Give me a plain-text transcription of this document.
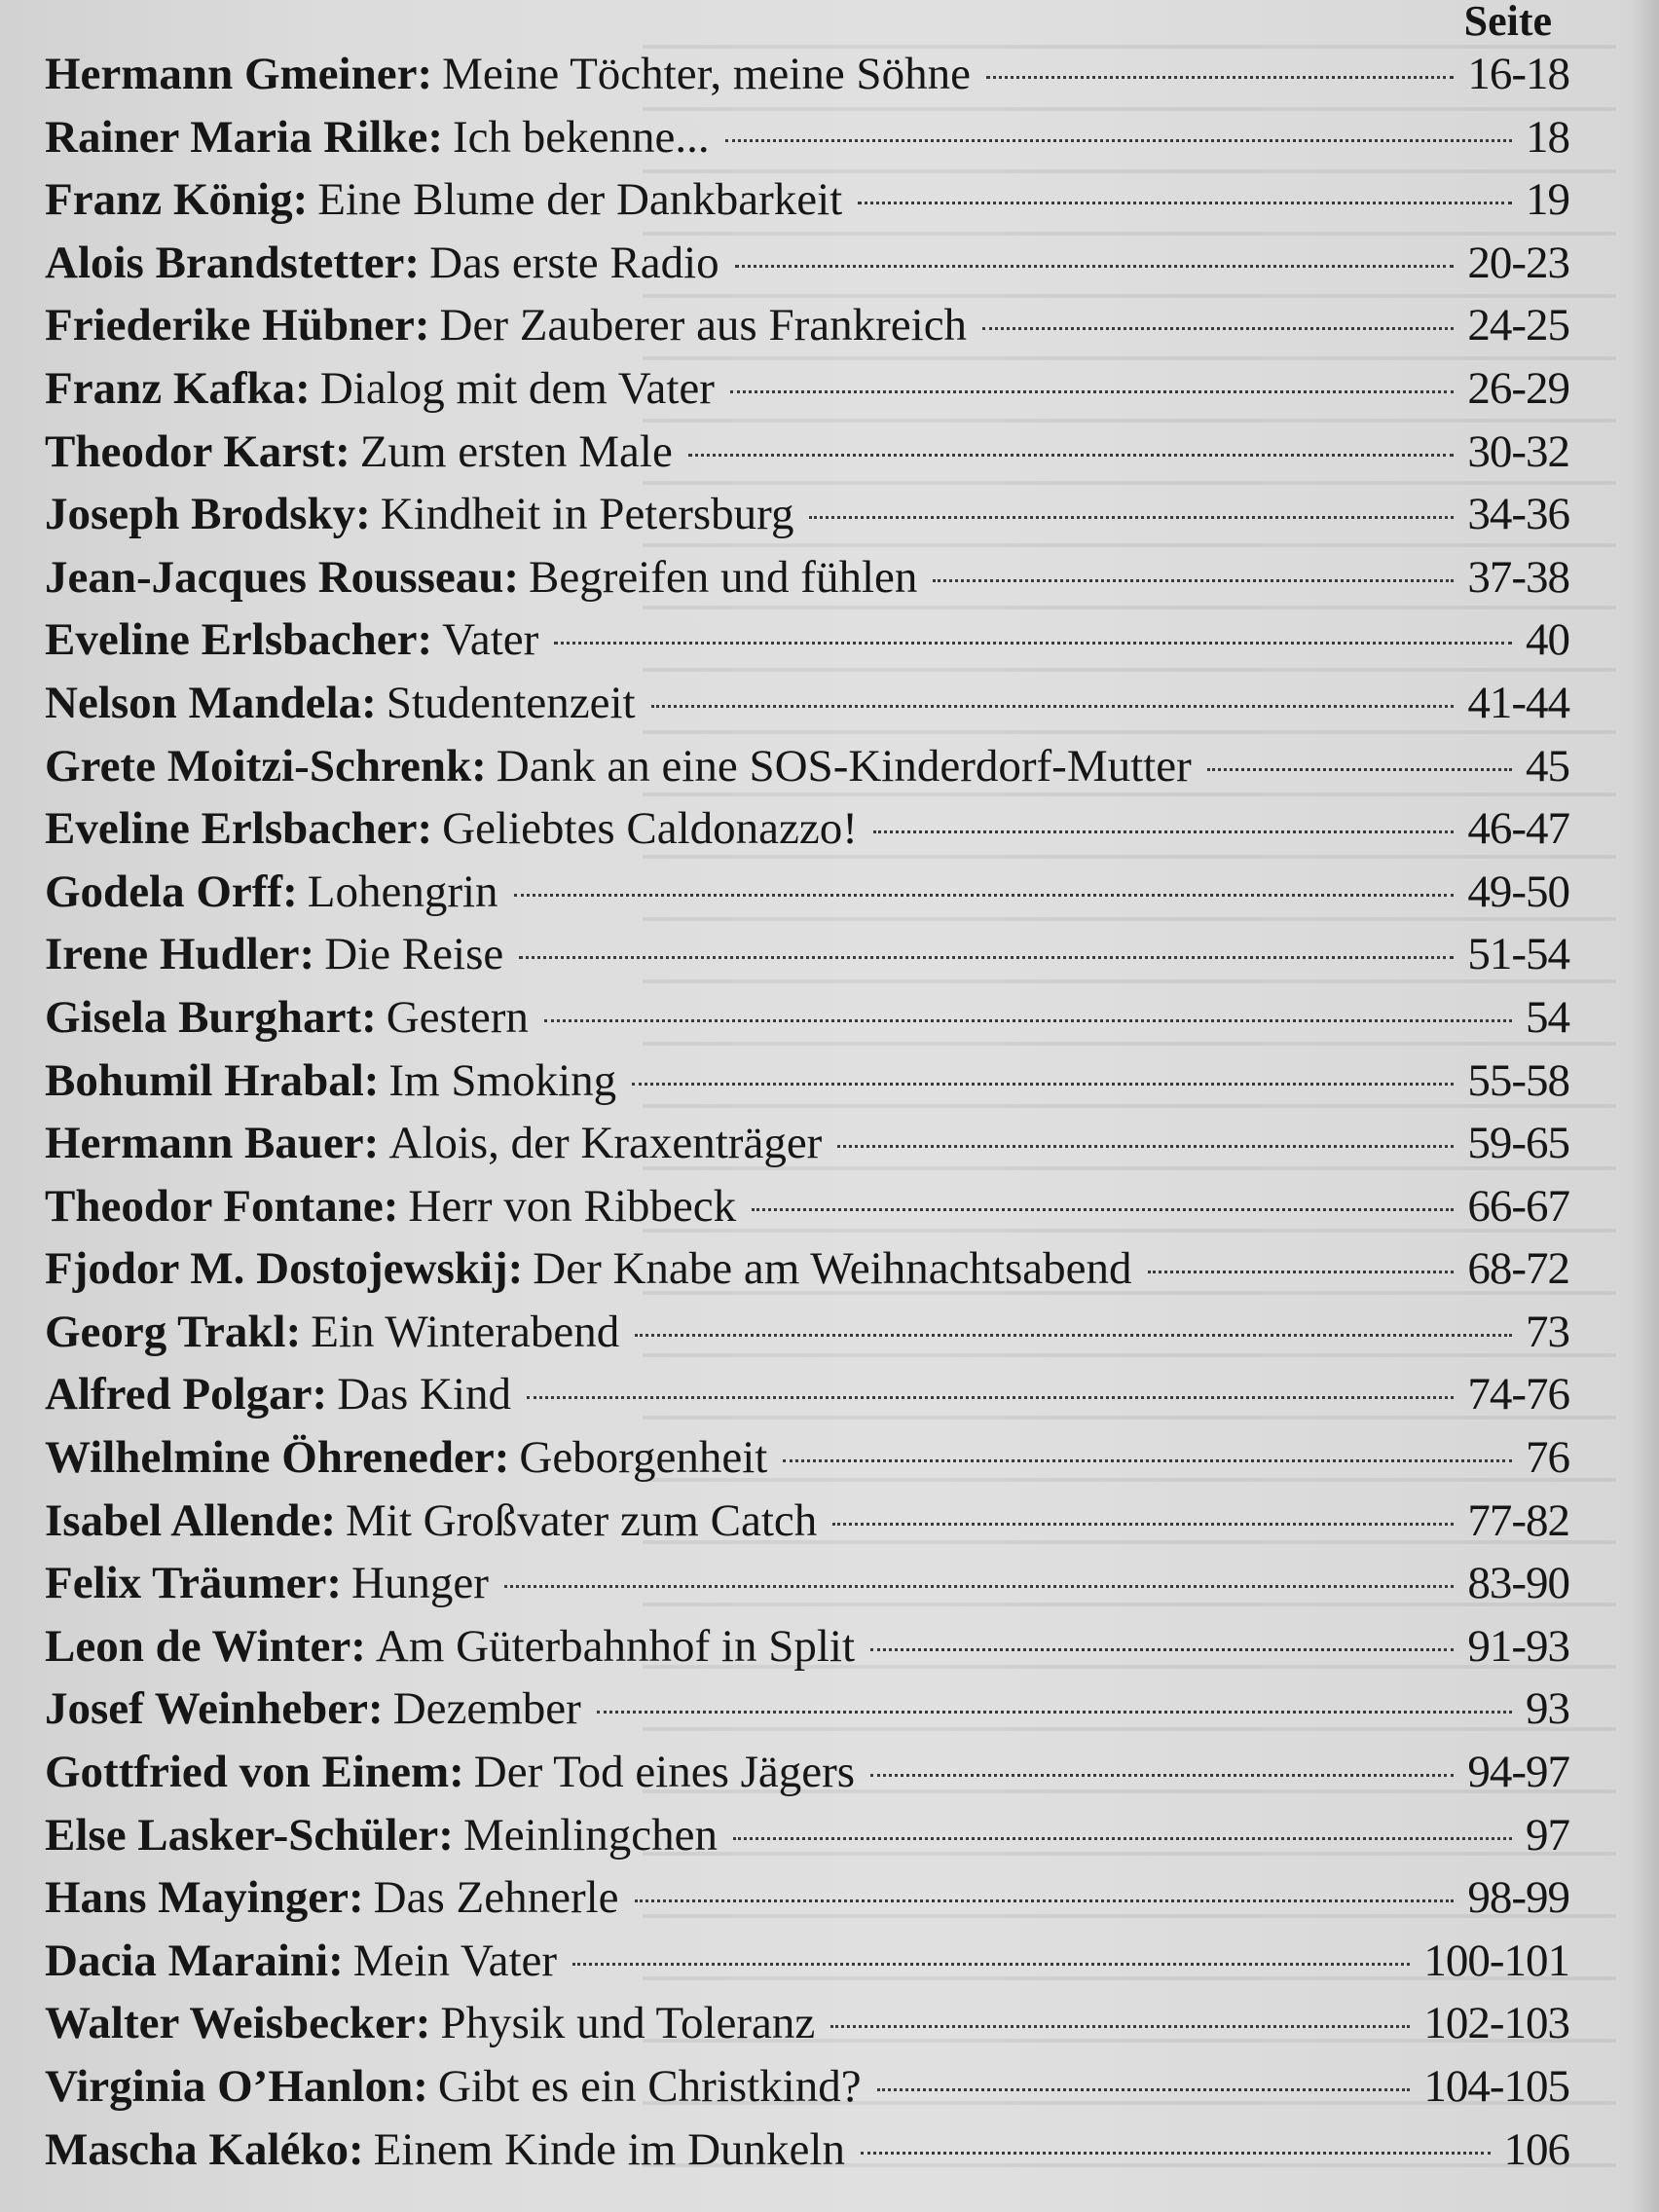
Seite
Hermann Gmeiner: Meine Töchter, meine Söhne	16-18
Rainer Maria Rilke: Ich bekenne...	18
Franz König: Eine Blume der Dankbarkeit	19
Alois Brandstetter: Das erste Radio	20-23
Friederike Hübner: Der Zauberer aus Frankreich	24-25
Franz Kafka: Dialog mit dem Vater	26-29
Theodor Karst: Zum ersten Male	30-32
Joseph Brodsky: Kindheit in Petersburg	34-36
Jean-Jacques Rousseau: Begreifen und fühlen	37-38
Eveline Erlsbacher: Vater	40
Nelson Mandela: Studentenzeit	41-44
Grete Moitzi-Schrenk: Dank an eine SOS-Kinderdorf-Mutter	45
Eveline Erlsbacher: Geliebtes Caldonazzo!	46-47
Godela Orff: Lohengrin	49-50
Irene Hudler: Die Reise	51-54
Gisela Burghart: Gestern	54
Bohumil Hrabal: Im Smoking	55-58
Hermann Bauer: Alois, der Kraxenträger	59-65
Theodor Fontane: Herr von Ribbeck	66-67
Fjodor M. Dostojewskij: Der Knabe am Weihnachtsabend	68-72
Georg Trakl: Ein Winterabend	73
Alfred Polgar: Das Kind	74-76
Wilhelmine Öhreneder: Geborgenheit	76
Isabel Allende: Mit Großvater zum Catch	77-82
Felix Träumer: Hunger	83-90
Leon de Winter: Am Güterbahnhof in Split	91-93
Josef Weinheber: Dezember	93
Gottfried von Einem: Der Tod eines Jägers	94-97
Else Lasker-Schüler: Meinlingchen	97
Hans Mayinger: Das Zehnerle	98-99
Dacia Maraini: Mein Vater	100-101
Walter Weisbecker: Physik und Toleranz	102-103
Virginia O’Hanlon: Gibt es ein Christkind?	104-105
Mascha Kaléko: Einem Kinde im Dunkeln	106
